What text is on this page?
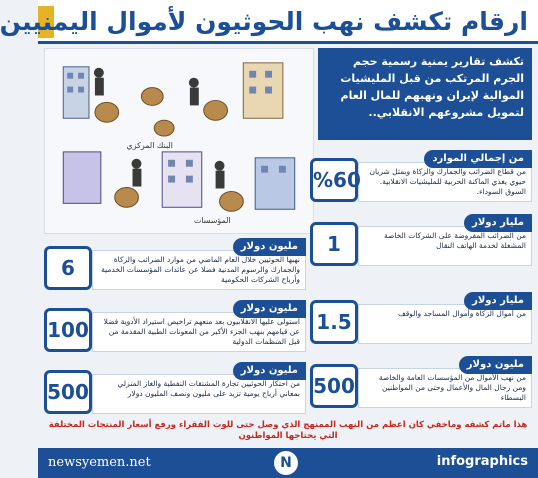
ارقام تكشف نهب الحوثيون لأموال اليمنيين
البنك المركزي
المؤسسات
تكشف تقارير يمنية رسمية حجم الجرم المرتكب من قبل المليشيات الموالية لإيران ونهبهم للمال العام لتمويل مشروعهم الانقلابي..
من إجمالي الموارد
%60	من قطاع الضرائب والجمارك والزكاة ويمثل شريان حيوي يغذي الماكنة الحربية للمليشيات الانقلابية. السوق السوداء.
مليار دولار
1	من الضرائب المفروضة على الشركات الخاصة المشغلة لخدمة الهاتف النقال
مليار دولار
1.5	من أموال الزكاة وأموال المساجد والوقف
مليون دولار
500	من نهب الأموال من المؤسسات العامة والخاصة ومن رجال المال والأعمال وحتى من المواطنين البسطاء
مليون دولار
6	نهبها الحوثيين خلال العام الماضي من موارد الضرائب والزكاة والجمارك والرسوم المدنية فضلا عن عائدات المؤسسات الخدمية وأرباح الشركات الحكومية
مليون دولار
100	استولى عليها الانقلابيون بعد منعهم تراخيص استيراد الأدوية فضلا عن قيامهم بنهب الجزء الأكبر من المعونات الطبية المقدمة من قبل المنظمات الدولية
مليون دولار
500	من احتكار الحوثيين تجارة المشتقات النفطية والغاز المنزلي بمعاني أرباح يومية تزيد على مليون ونصف المليون دولار
هذا ماتم كشفه وماخفي كان اعظم من النهب الممنهج الذي وصل حتى للوت الفقراء ورفع أسعار المنتجات المختلفة التي يحتاجها المواطنون
newsyemen.net	N	infographics
